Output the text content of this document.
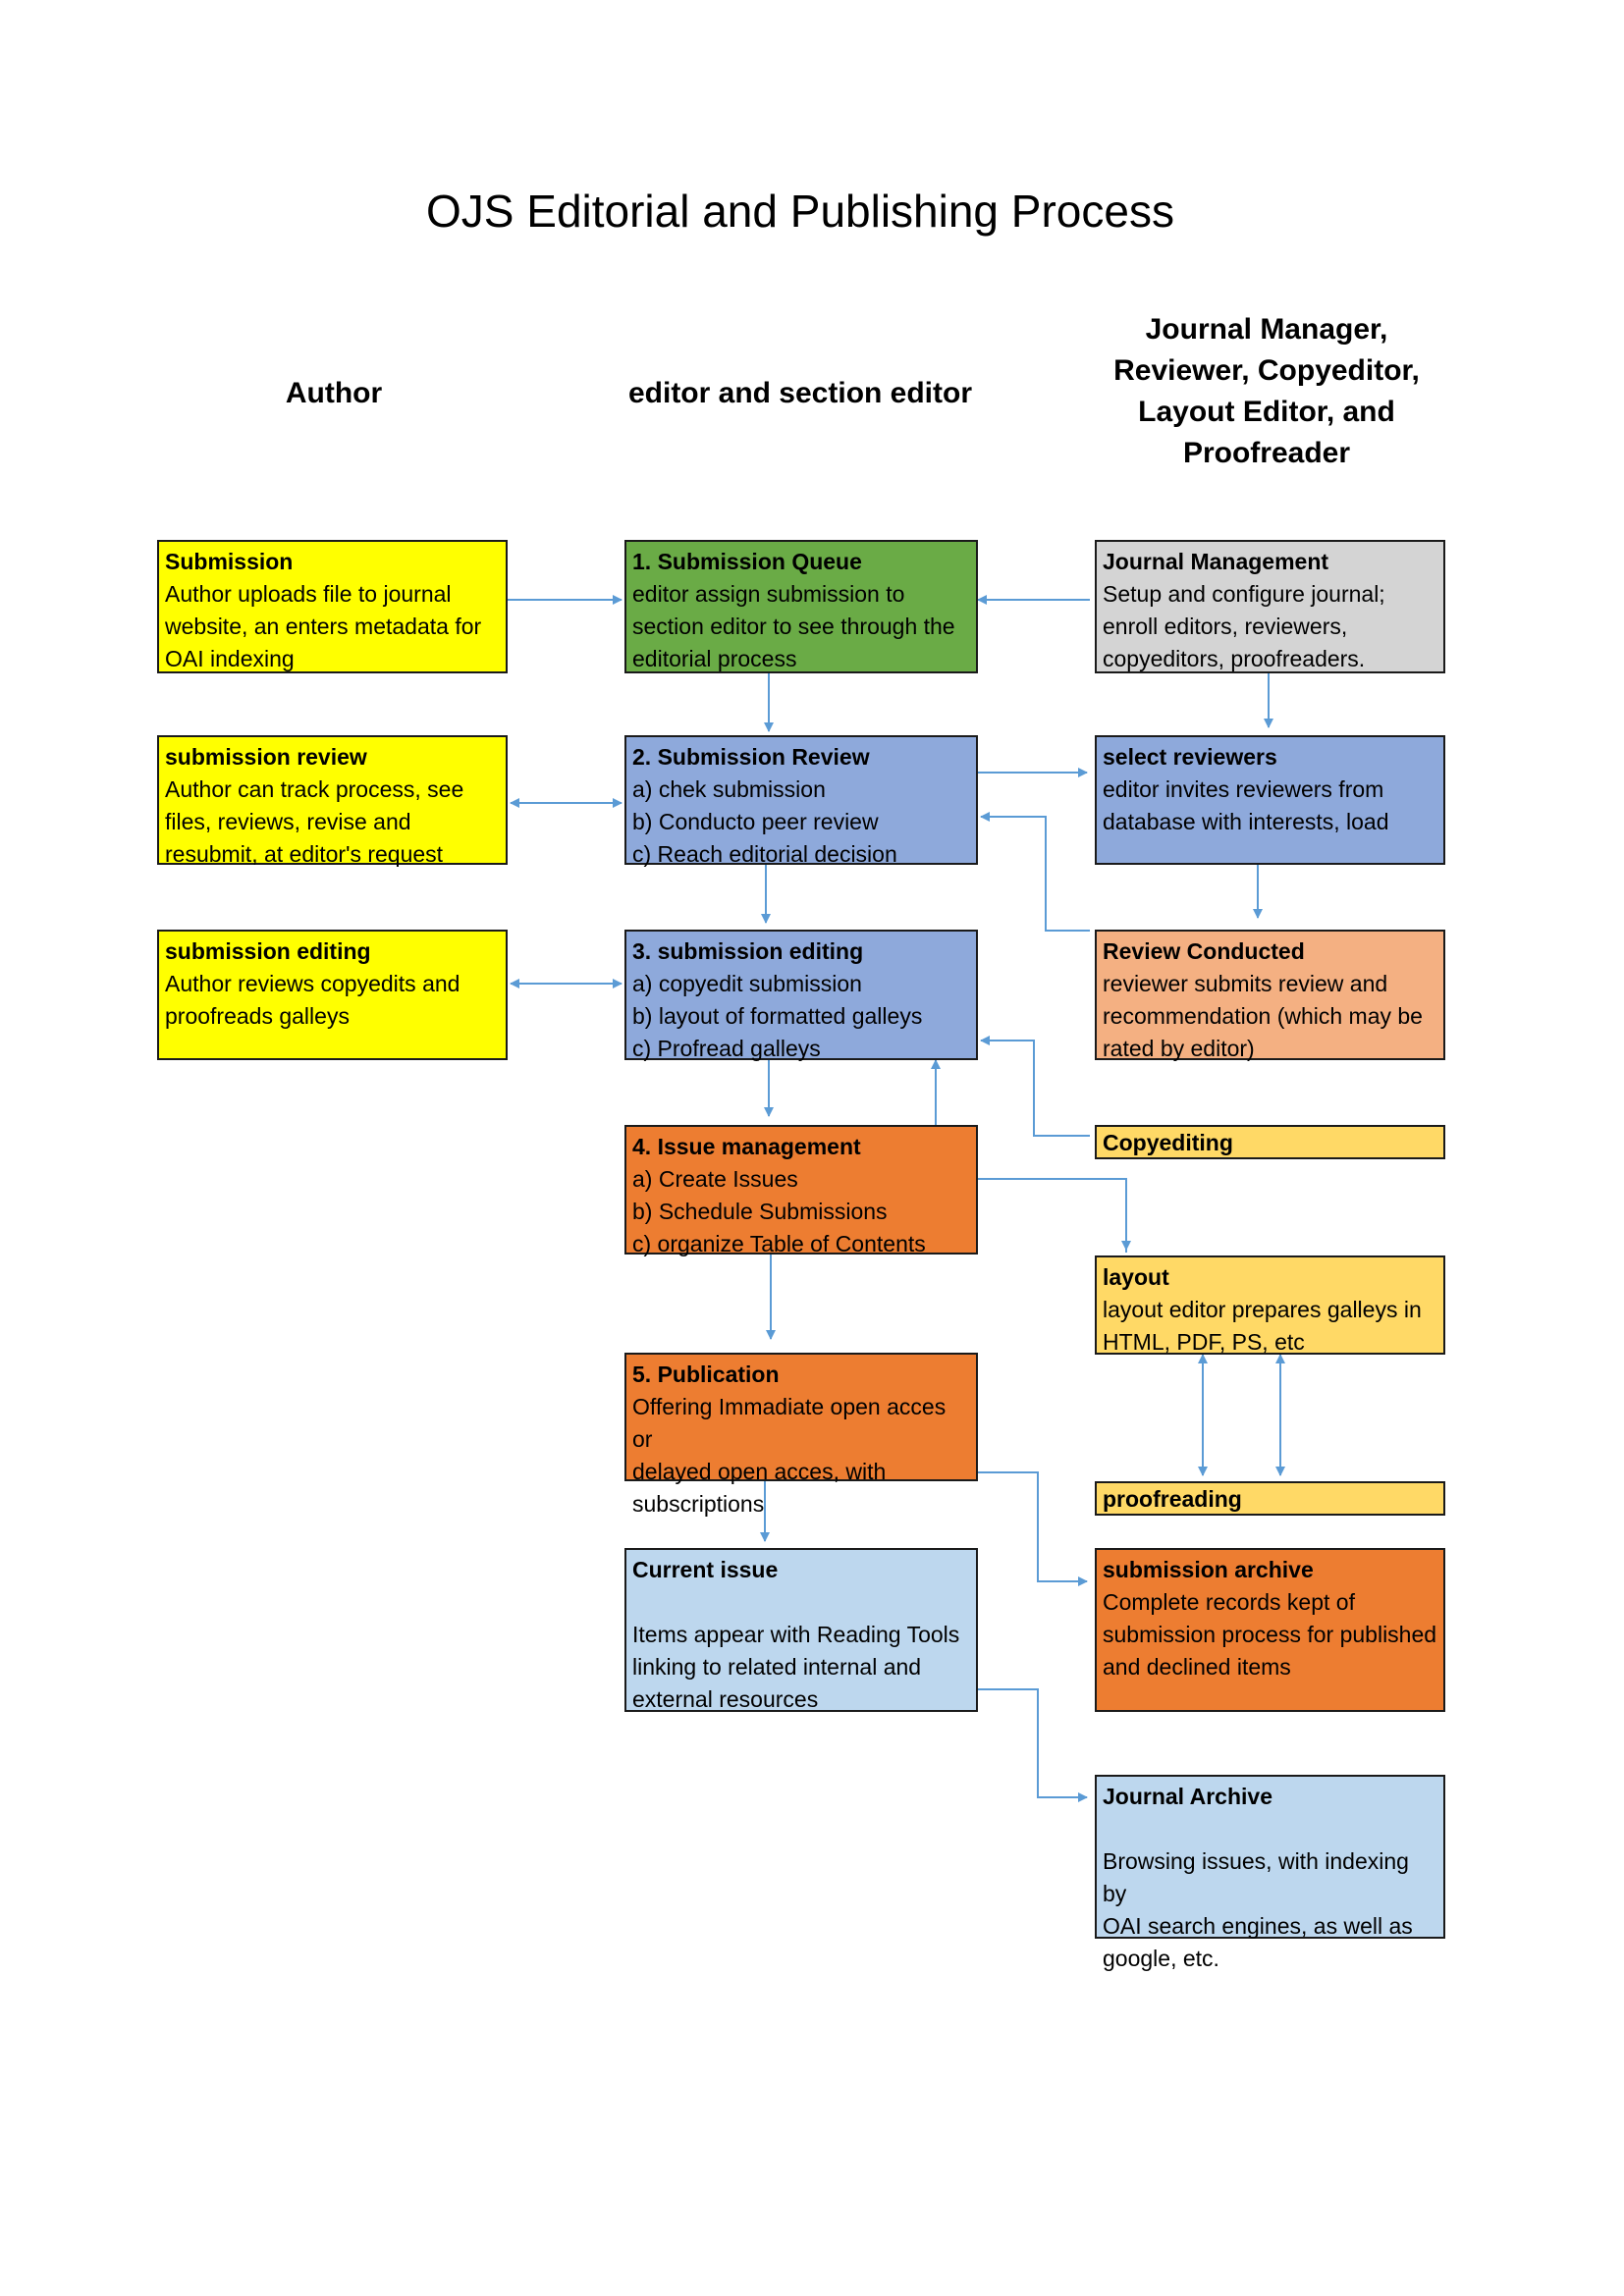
OJS Editorial and Publishing Process
Author	editor and section editor
Journal Manager,
Reviewer, Copyeditor,
Layout Editor, and
Proofreader
Submission
Author uploads file to journal
website, an enters metadata for
OAI indexing
submission review
Author can track process, see
files, reviews, revise and
resubmit, at editor's request
submission editing
Author reviews copyedits and
proofreads galleys
1. Submission Queue
editor assign submission to
section editor to see through the
editorial process
2. Submission Review
a) chek submission
b) Conducto peer review
c) Reach editorial decision
3. submission editing
a) copyedit submission
b) layout of formatted galleys
c) Profread galleys
4. Issue management
a) Create Issues
b) Schedule Submissions
c) organize Table of Contents
5. Publication
Offering Immadiate open acces or
delayed open acces, with
subscriptions
Current issue
Items appear with Reading Tools
linking to related internal and
external resources
Journal Management
Setup and configure journal;
enroll editors, reviewers,
copyeditors, proofreaders.
select reviewers
editor invites reviewers from
database with interests, load
Review Conducted
reviewer submits review and
recommendation (which may be
rated by editor)
Copyediting
layout
layout editor prepares galleys in
HTML, PDF, PS, etc
proofreading
submission archive
Complete records kept of
submission process for published
and declined items
Journal Archive
Browsing issues, with indexing by
OAI search engines, as well as
google, etc.
